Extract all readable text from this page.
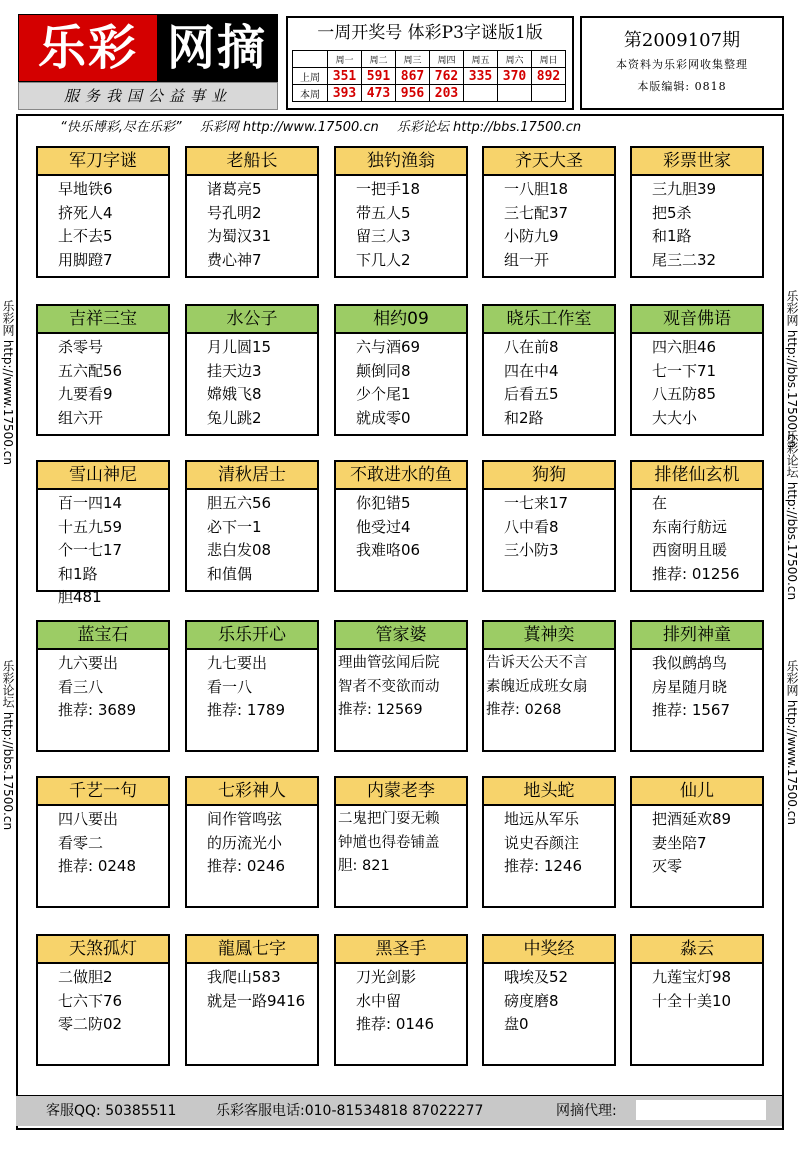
乐彩 网摘
服务我国公益事业
一周开奖号 体彩P3字谜版1版
	周一	周二	周三	周四	周五	周六	周日
上周	351	591	867	762	335	370	892
本周	393	473	956	203			
第2009107期
本资料为乐彩网收集整理
本版编辑: 0818
“快乐博彩,尽在乐彩” 乐彩网 http://www.17500.cn 乐彩论坛 http://bbs.17500.cn
乐彩网 http://www.17500.cn
乐彩论坛 http://bbs.17500.cn
乐彩网 http://bbs.17500.cn
乐彩论坛 http://bbs.17500.cn
乐彩网 http://www.17500.cn
军刀字谜
早地铁6
挤死人4
上不去5
用脚蹬7
老船长
诸葛亮5
号孔明2
为蜀汉31
费心神7
独钓渔翁
一把手18
带五人5
留三人3
下几人2
齐天大圣
一八胆18
三七配37
小防九9
组一开
彩票世家
三九胆39
把5杀
和1路
尾三二32
吉祥三宝
杀零号
五六配56
九要看9
组六开
水公子
月儿圆15
挂天边3
嫦娥飞8
兔儿跳2
相约09
六与酒69
颠倒同8
少个尾1
就成零0
晓乐工作室
八在前8
四在中4
后看五5
和2路
观音佛语
四六胆46
七一下71
八五防85
大大小
雪山神尼
百一四14
十五九59
个一七17
和1路
胆481
清秋居士
胆五六56
必下一1
悲白发08
和值偶
不敢进水的鱼
你犯错5
他受过4
我难咯06
狗狗
一七来17
八中看8
三小防3
排佬仙玄机
在
东南行舫远
西窗明且暖
推荐: 01256
蓝宝石
九六要出
看三八
推荐: 3689
乐乐开心
九七要出
看一八
推荐: 1789
管家婆
理曲管弦闻后院
智者不变欲而动
推荐: 12569
蒖神奕
告诉天公天不言
素魄近成班女扇
推荐: 0268
排列神童
我似鹧鸪鸟
房星随月晓
推荐: 1567
千艺一句
四八要出
看零二
推荐: 0248
七彩神人
间作管鸣弦
的历流光小
推荐: 0246
内蒙老李
二鬼把门耍无赖
钟馗也得卷铺盖
胆: 821
地头蛇
地远从军乐
说史吞颜注
推荐: 1246
仙儿
把酒延欢89
妻坐陪7
灭零
天煞孤灯
二做胆2
七六下76
零二防02
龍鳳七字
我爬山583
就是一路9416
黑圣手
刀光剑影
水中留
推荐: 0146
中奖经
哦埃及52
磅度磨8
盘0
淼云
九莲宝灯98
十全十美10
客服QQ: 50385511	乐彩客服电话:010-81534818 87022277	网摘代理:
